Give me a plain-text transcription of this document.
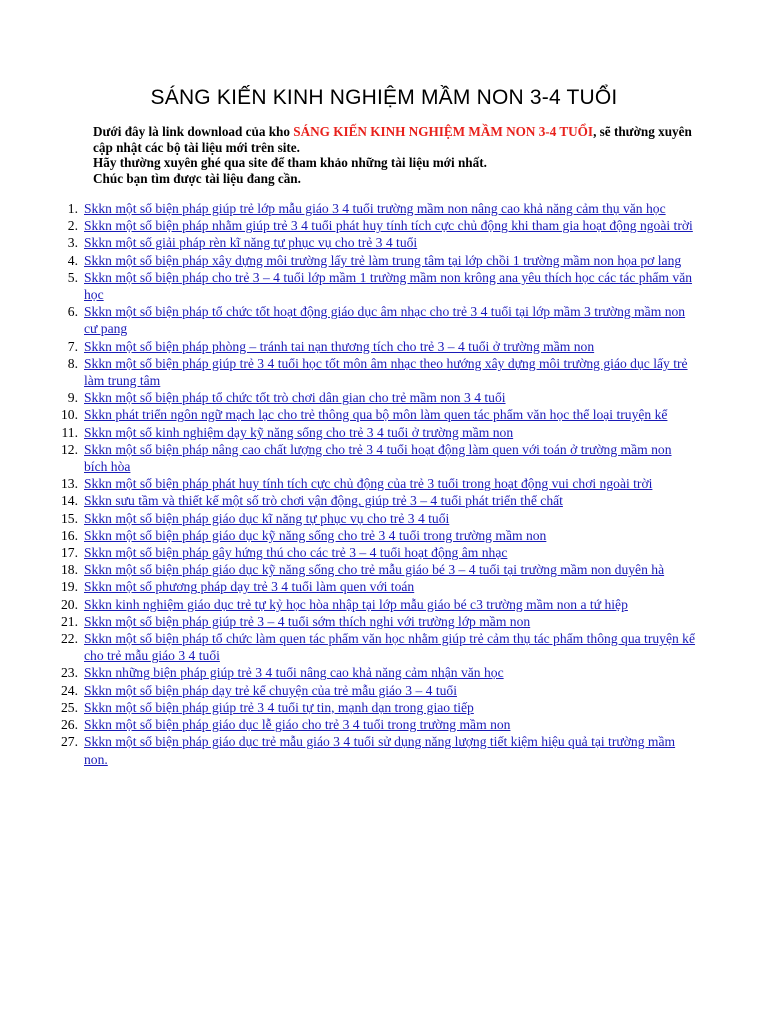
SÁNG KIẾN KINH NGHIỆM MẦM NON 3-4 TUỔI

Dưới đây là link download của kho SÁNG KIẾN KINH NGHIỆM MẦM NON 3-4 TUỔI, sẽ thường xuyên cập nhật các bộ tài liệu mới trên site.

Hãy thường xuyên ghé qua site để tham khảo những tài liệu mới nhất.

Chúc bạn tìm được tài liệu đang cần.

1. Skkn một số biện pháp giúp trẻ lớp mẫu giáo 3 4 tuổi trường mầm non nâng cao khả năng cảm thụ văn học
2. Skkn một số biện pháp nhằm giúp trẻ 3 4 tuổi phát huy tính tích cực chủ động khi tham gia hoạt động ngoài trời
3. Skkn một số giải pháp rèn kĩ năng tự phục vụ cho trẻ 3 4 tuổi
4. Skkn một số biện pháp xây dựng môi trường lấy trẻ làm trung tâm tại lớp chồi 1 trường mầm non họa pơ lang
5. Skkn một số biện pháp cho trẻ 3 – 4 tuổi lớp mầm 1 trường mầm non krông ana yêu thích học các tác phẩm văn học
6. Skkn một số biện pháp tổ chức tốt hoạt động giáo dục âm nhạc cho trẻ 3 4 tuổi tại lớp mầm 3 trường mầm non cư pang
7. Skkn một số biện pháp phòng – tránh tai nạn thương tích cho trẻ 3 – 4 tuổi ở trường mầm non
8. Skkn một số biện pháp giúp trẻ 3 4 tuổi học tốt môn âm nhạc theo hướng xây dựng môi trường giáo dục lấy trẻ làm trung tâm
9. Skkn một số biện pháp tổ chức tốt trò chơi dân gian cho trẻ mầm non 3 4 tuổi
10. Skkn phát triển ngôn ngữ mạch lạc cho trẻ thông qua bộ môn làm quen tác phẩm văn học thể loại truyện kể
11. Skkn một số kinh nghiệm dạy kỹ năng sống cho trẻ 3 4 tuổi ở trường mầm non
12. Skkn một số biện pháp nâng cao chất lượng cho trẻ 3 4 tuổi hoạt động làm quen với toán ở trường mầm non bích hòa
13. Skkn một số biện pháp phát huy tính tích cực chủ động của trẻ 3 tuổi trong hoạt động vui chơi ngoài trời
14. Skkn sưu tầm và thiết kế một số trò chơi vận động, giúp trẻ 3 – 4 tuổi phát triển thể chất
15. Skkn một số biện pháp giáo dục kĩ năng tự phục vụ cho trẻ 3 4 tuổi
16. Skkn một số biện pháp giáo dục kỹ năng sống cho trẻ 3 4 tuổi trong trường mầm non
17. Skkn một số biện pháp gây hứng thú cho các trẻ 3 – 4 tuổi hoạt động âm nhạc
18. Skkn một số biện pháp giáo dục kỹ năng sống cho trẻ mẫu giáo bé 3 – 4 tuổi tại trường mầm non duyên hà
19. Skkn một số phương pháp dạy trẻ 3 4 tuổi làm quen với toán
20. Skkn kinh nghiệm giáo dục trẻ tự kỷ học hòa nhập tại lớp mẫu giáo bé c3 trường mầm non a tứ hiệp
21. Skkn một số biện pháp giúp trẻ 3 – 4 tuổi sớm thích nghi với trường lớp mầm non
22. Skkn một số biện pháp tổ chức làm quen tác phẩm văn học nhằm giúp trẻ cảm thụ tác phẩm thông qua truyện kể cho trẻ mẫu giáo 3 4 tuổi
23. Skkn những biện pháp giúp trẻ 3 4 tuổi nâng cao khả năng cảm nhận văn học
24. Skkn một số biện pháp dạy trẻ kể chuyện của trẻ mẫu giáo 3 – 4 tuổi
25. Skkn một số biện pháp giúp trẻ 3 4 tuổi tự tin, mạnh dạn trong giao tiếp
26. Skkn một số biện pháp giáo dục lễ giáo cho trẻ 3 4 tuổi trong trường mầm non
27. Skkn một số biện pháp giáo dục trẻ mẫu giáo 3 4 tuổi sử dụng năng lượng tiết kiệm hiệu quả tại trường mầm non.
